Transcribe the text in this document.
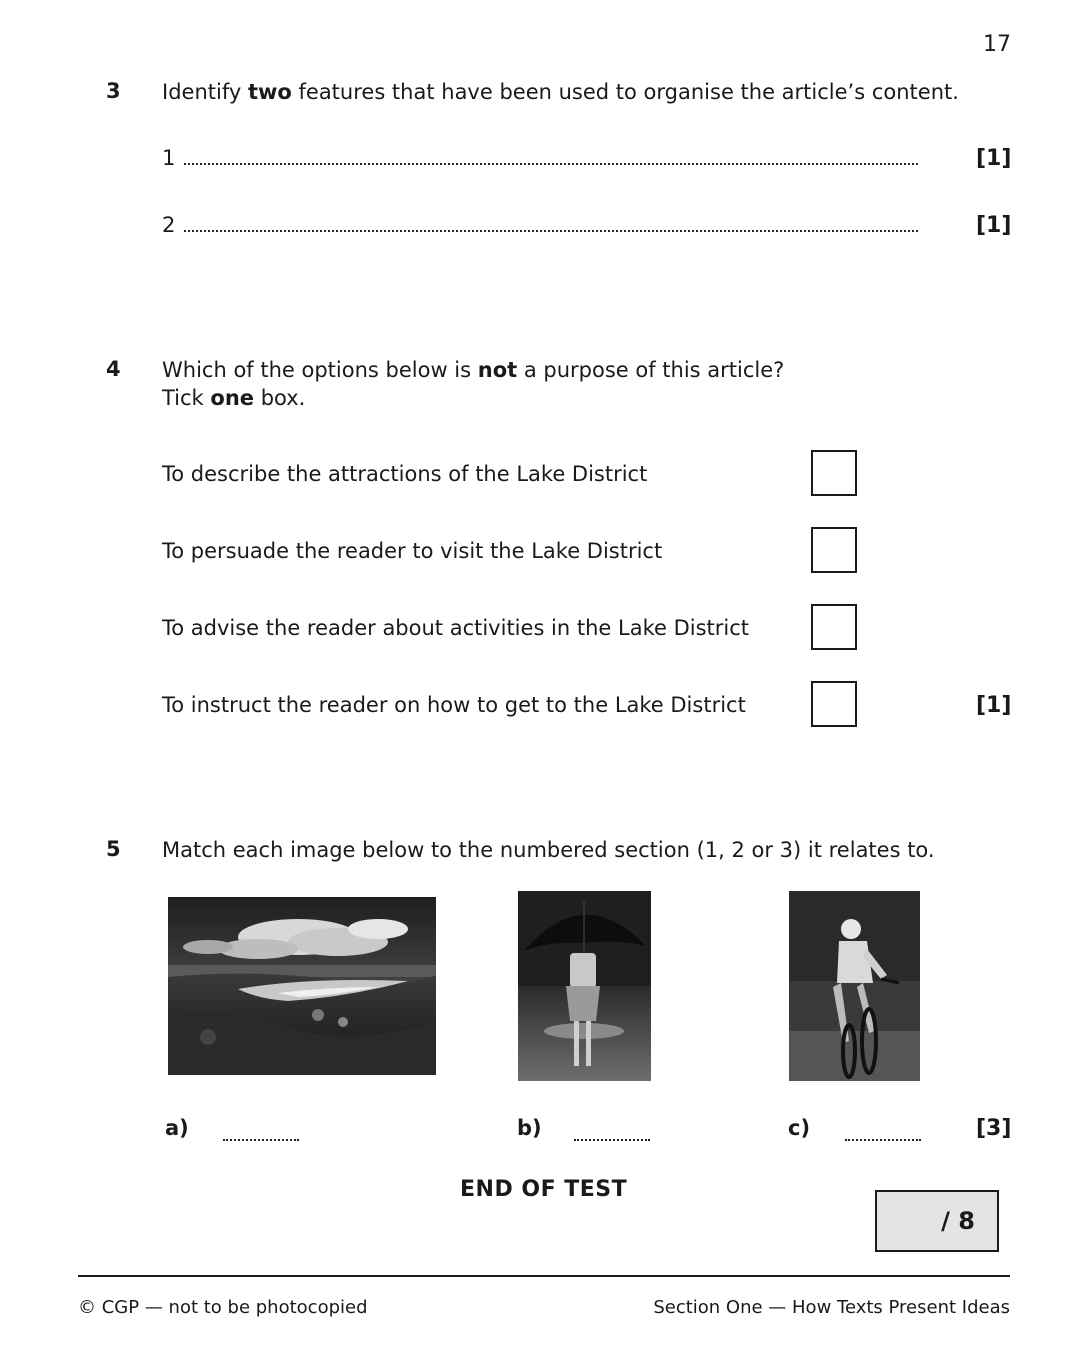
17
3 Identify two features that have been used to organise the article’s content.
1	[1]
2	[1]
4 Which of the options below is not a purpose of this article?
Tick one box.
To describe the attractions of the Lake District
To persuade the reader to visit the Lake District
To advise the reader about activities in the Lake District
To instruct the reader on how to get to the Lake District	[1]
5 Match each image below to the numbered section (1, 2 or 3) it relates to.
a)	b)	c)	[3]
END OF TEST
/ 8
© CGP — not to be photocopied	Section One — How Texts Present Ideas
